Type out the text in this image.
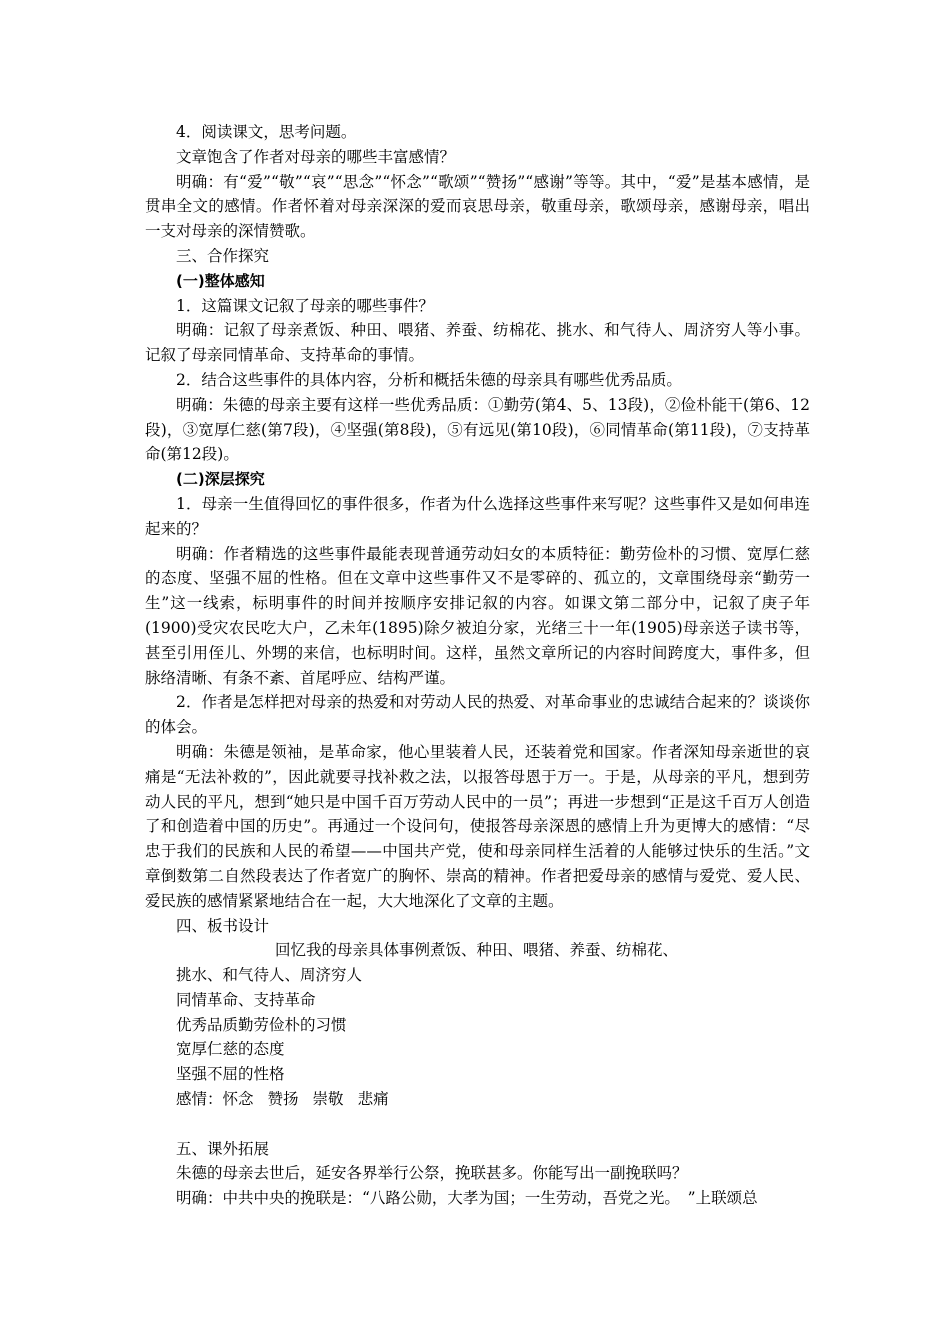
4．阅读课文，思考问题。

文章饱含了作者对母亲的哪些丰富感情？

明确：有“爱”“敬”“哀”“思念”“怀念”“歌颂”“赞扬”“感谢”等等。其中，“爱”是基本感情，是贯串全文的感情。作者怀着对母亲深深的爱而哀思母亲，敬重母亲，歌颂母亲，感谢母亲，唱出一支对母亲的深情赞歌。

三、合作探究

(一)整体感知

1．这篇课文记叙了母亲的哪些事件？

明确：记叙了母亲煮饭、种田、喂猪、养蚕、纺棉花、挑水、和气待人、周济穷人等小事。记叙了母亲同情革命、支持革命的事情。

2．结合这些事件的具体内容，分析和概括朱德的母亲具有哪些优秀品质。

明确：朱德的母亲主要有这样一些优秀品质：①勤劳(第4、5、13段)，②俭朴能干(第6、12段)，③宽厚仁慈(第7段)，④坚强(第8段)，⑤有远见(第10段)，⑥同情革命(第11段)，⑦支持革命(第12段)。

(二)深层探究

1．母亲一生值得回忆的事件很多，作者为什么选择这些事件来写呢？这些事件又是如何串连起来的？

明确：作者精选的这些事件最能表现普通劳动妇女的本质特征：勤劳俭朴的习惯、宽厚仁慈的态度、坚强不屈的性格。但在文章中这些事件又不是零碎的、孤立的，文章围绕母亲“勤劳一生”这一线索，标明事件的时间并按顺序安排记叙的内容。如课文第二部分中，记叙了庚子年(1900)受灾农民吃大户，乙未年(1895)除夕被迫分家，光绪三十一年(1905)母亲送子读书等，甚至引用侄儿、外甥的来信，也标明时间。这样，虽然文章所记的内容时间跨度大，事件多，但脉络清晰、有条不紊、首尾呼应、结构严谨。

2．作者是怎样把对母亲的热爱和对劳动人民的热爱、对革命事业的忠诚结合起来的？谈谈你的体会。

明确：朱德是领袖，是革命家，他心里装着人民，还装着党和国家。作者深知母亲逝世的哀痛是“无法补救的”，因此就要寻找补救之法，以报答母恩于万一。于是，从母亲的平凡，想到劳动人民的平凡，想到“她只是中国千百万劳动人民中的一员”；再进一步想到“正是这千百万人创造了和创造着中国的历史”。再通过一个设问句，使报答母亲深恩的感情上升为更博大的感情：“尽忠于我们的民族和人民的希望——中国共产党，使和母亲同样生活着的人能够过快乐的生活。”文章倒数第二自然段表达了作者宽广的胸怀、崇高的精神。作者把爱母亲的感情与爱党、爱人民、爱民族的感情紧紧地结合在一起，大大地深化了文章的主题。

四、板书设计

回忆我的母亲具体事例煮饭、种田、喂猪、养蚕、纺棉花、

挑水、和气待人、周济穷人

同情革命、支持革命

优秀品质勤劳俭朴的习惯

宽厚仁慈的态度

坚强不屈的性格

感情：怀念 赞扬 崇敬 悲痛

五、课外拓展

朱德的母亲去世后，延安各界举行公祭，挽联甚多。你能写出一副挽联吗？

明确：中共中央的挽联是：“八路公勋，大孝为国；一生劳动，吾党之光。　”上联颂总
